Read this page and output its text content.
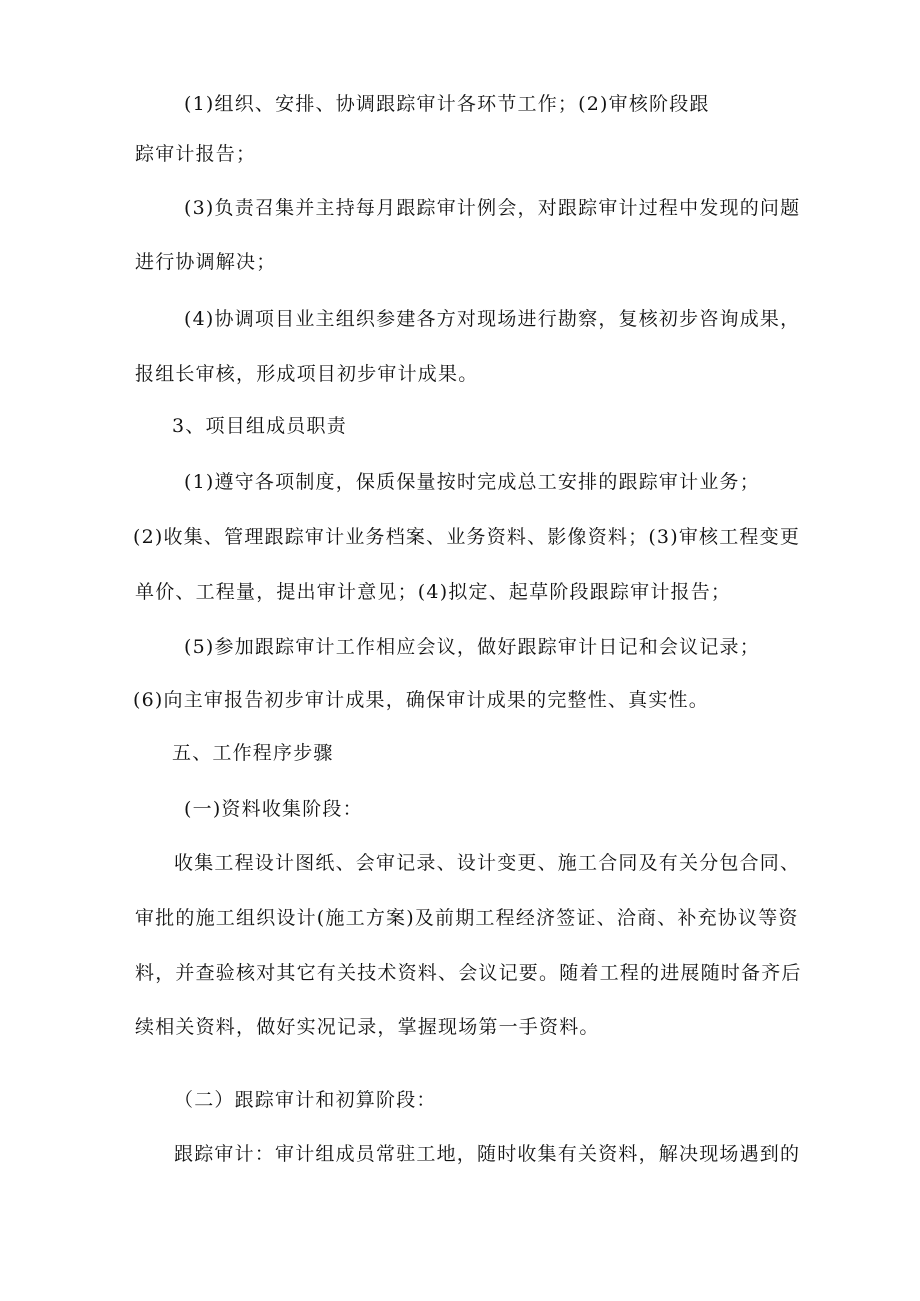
(1)组织、安排、协调跟踪审计各环节工作；(2)审核阶段跟
踪审计报告；
(3)负责召集并主持每月跟踪审计例会，对跟踪审计过程中发现的问题
进行协调解决；
(4)协调项目业主组织参建各方对现场进行勘察，复核初步咨询成果，
报组长审核，形成项目初步审计成果。
3、项目组成员职责
(1)遵守各项制度，保质保量按时完成总工安排的跟踪审计业务；
(2)收集、管理跟踪审计业务档案、业务资料、影像资料；(3)审核工程变更
单价、工程量，提出审计意见；(4)拟定、起草阶段跟踪审计报告；
(5)参加跟踪审计工作相应会议，做好跟踪审计日记和会议记录；
(6)向主审报告初步审计成果，确保审计成果的完整性、真实性。
五、工作程序步骤
(一)资料收集阶段：
收集工程设计图纸、会审记录、设计变更、施工合同及有关分包合同、
审批的施工组织设计(施工方案)及前期工程经济签证、洽商、补充协议等资
料，并查验核对其它有关技术资料、会议记要。随着工程的进展随时备齐后
续相关资料，做好实况记录，掌握现场第一手资料。
（二）跟踪审计和初算阶段：
跟踪审计：审计组成员常驻工地，随时收集有关资料，解决现场遇到的
